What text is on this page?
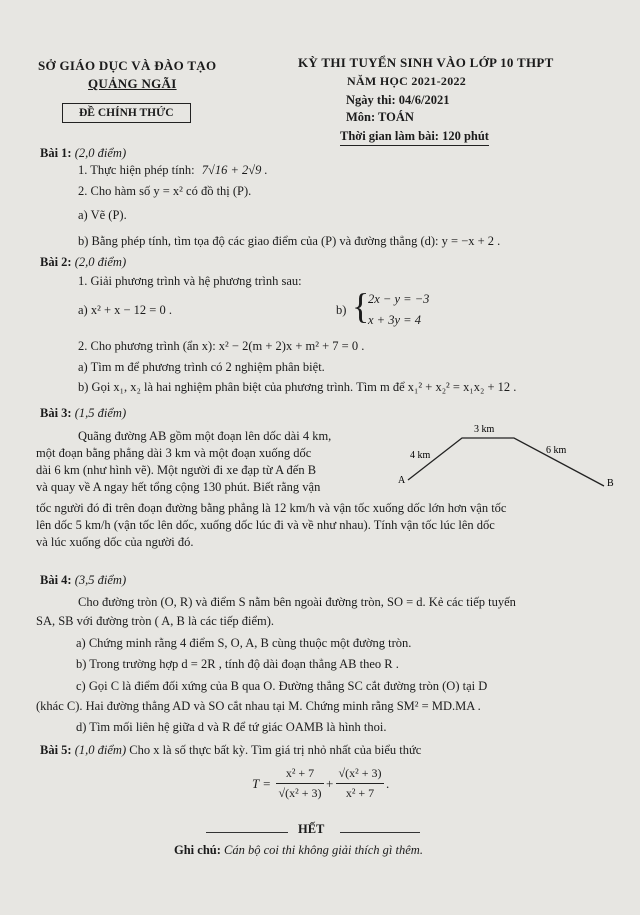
SỞ GIÁO DỤC VÀ ĐÀO TẠO
QUẢNG NGÃI
ĐỀ CHÍNH THỨC
KỲ THI TUYỂN SINH VÀO LỚP 10 THPT
NĂM HỌC 2021-2022
Ngày thi: 04/6/2021
Môn: TOÁN
Thời gian làm bài: 120 phút
Bài 1: (2,0 điểm)
1. Thực hiện phép tính: 7√16 + 2√9 .
2. Cho hàm số y = x² có đồ thị (P).
a) Vẽ (P).
b) Bằng phép tính, tìm tọa độ các giao điểm của (P) và đường thẳng (d): y = −x + 2 .
Bài 2: (2,0 điểm)
1. Giải phương trình và hệ phương trình sau:
a) x² + x − 12 = 0 .	b) {
2x − y = −3
x + 3y = 4
2. Cho phương trình (ẩn x): x² − 2(m + 2)x + m² + 7 = 0 .
a) Tìm m để phương trình có 2 nghiệm phân biệt.
b) Gọi x₁, x₂ là hai nghiệm phân biệt của phương trình. Tìm m để x₁² + x₂² = x₁x₂ + 12 .
Bài 3: (1,5 điểm)
Quãng đường AB gồm một đoạn lên dốc dài 4 km,
một đoạn bằng phẳng dài 3 km và một đoạn xuống dốc
dài 6 km (như hình vẽ). Một người đi xe đạp từ A đến B
và quay về A ngay hết tổng cộng 130 phút. Biết rằng vận
tốc người đó đi trên đoạn đường bằng phẳng là 12 km/h và vận tốc xuống dốc lớn hơn vận tốc
lên dốc 5 km/h (vận tốc lên dốc, xuống dốc lúc đi và về như nhau). Tính vận tốc lúc lên dốc
và lúc xuống dốc của người đó.
3 km
4 km	6 km
A	B
Bài 4: (3,5 điểm)
Cho đường tròn (O, R) và điểm S nằm bên ngoài đường tròn, SO = d. Kẻ các tiếp tuyến
SA, SB với đường tròn ( A, B là các tiếp điểm).
a) Chứng minh rằng 4 điểm S, O, A, B cùng thuộc một đường tròn.
b) Trong trường hợp d = 2R , tính độ dài đoạn thẳng AB theo R .
c) Gọi C là điểm đối xứng của B qua O. Đường thẳng SC cắt đường tròn (O) tại D
(khác C). Hai đường thẳng AD và SO cắt nhau tại M. Chứng minh rằng SM² = MD.MA .
d) Tìm mối liên hệ giữa d và R để tứ giác OAMB là hình thoi.
Bài 5: (1,0 điểm) Cho x là số thực bất kỳ. Tìm giá trị nhỏ nhất của biểu thức
T =
x² + 7
√(x² + 3)
+
√(x² + 3)
x² + 7
.
HẾT
Ghi chú: Cán bộ coi thi không giải thích gì thêm.
